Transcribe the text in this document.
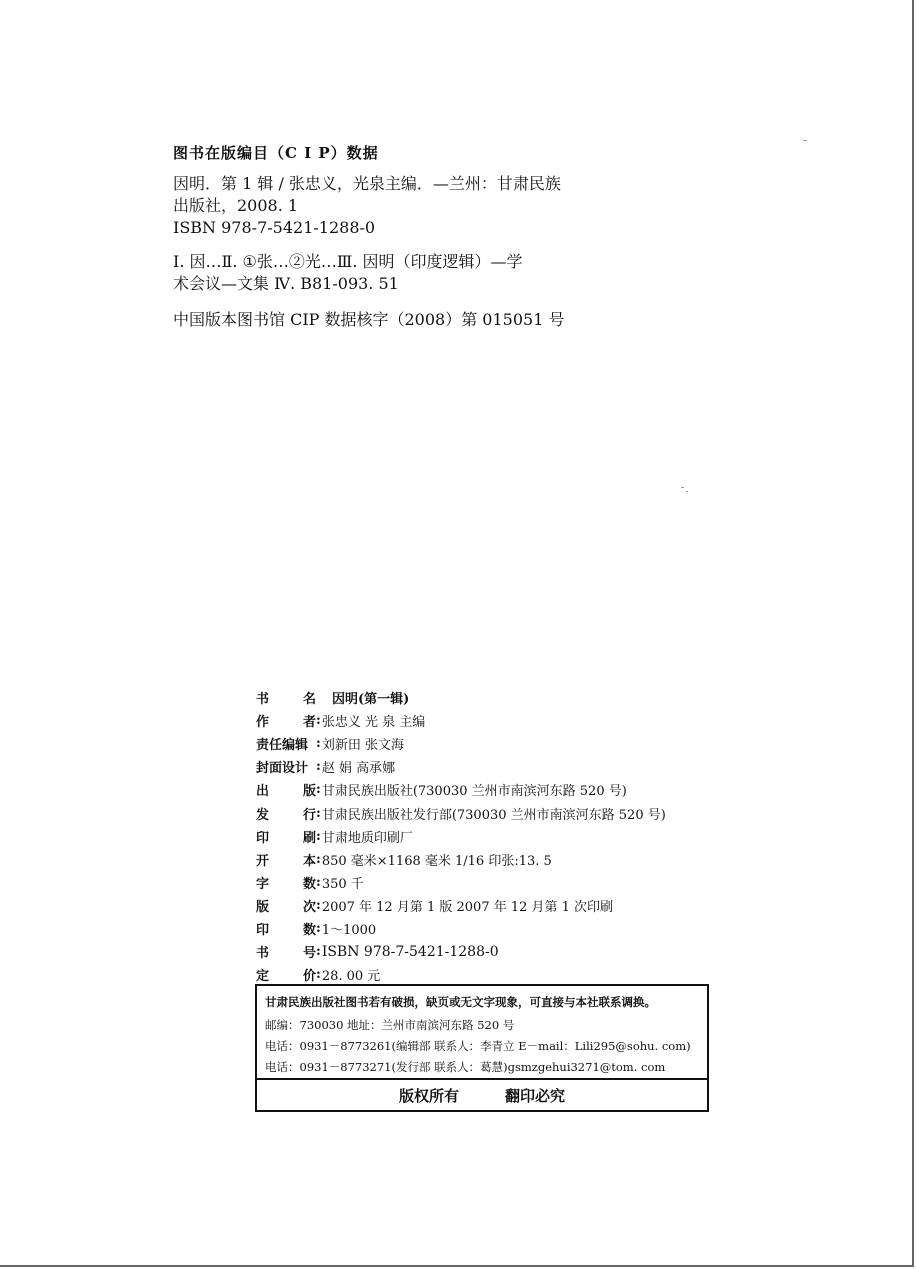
图书在版编目（C I P）数据
因明．第 1 辑 / 张忠义，光泉主编．—兰州：甘肃民族
出版社，2008. 1
ISBN 978-7-5421-1288-0
Ⅰ. 因…Ⅱ. ①张…②光…Ⅲ. 因明（印度逻辑）—学
术会议—文集 Ⅳ. B81-093. 51
中国版本图书馆 CIP 数据核字（2008）第 015051 号
书	名	因明(第一辑)
作	者 : 张忠义 光 泉 主编
责任编辑 : 刘新田 张文海
封面设计 : 赵 娟 高承娜
出	版 : 甘肃民族出版社(730030 兰州市南滨河东路 520 号)
发	行 : 甘肃民族出版社发行部(730030 兰州市南滨河东路 520 号)
印	刷 : 甘肃地质印刷厂
开	本 : 850 毫米×1168 毫米 1/16 印张:13. 5
字	数 : 350 千
版	次 : 2007 年 12 月第 1 版 2007 年 12 月第 1 次印刷
印	数 : 1～1000
书	号 : ISBN 978-7-5421-1288-0
定	价 : 28. 00 元
甘肃民族出版社图书若有破损，缺页或无文字现象，可直接与本社联系调换。
邮编：730030 地址：兰州市南滨河东路 520 号
电话：0931－8773261(编辑部 联系人：李青立 E－mail：Lili295@sohu. com)
电话：0931－8773271(发行部 联系人：葛慧)gsmzgehui3271@tom. com
版权所有	翻印必究
